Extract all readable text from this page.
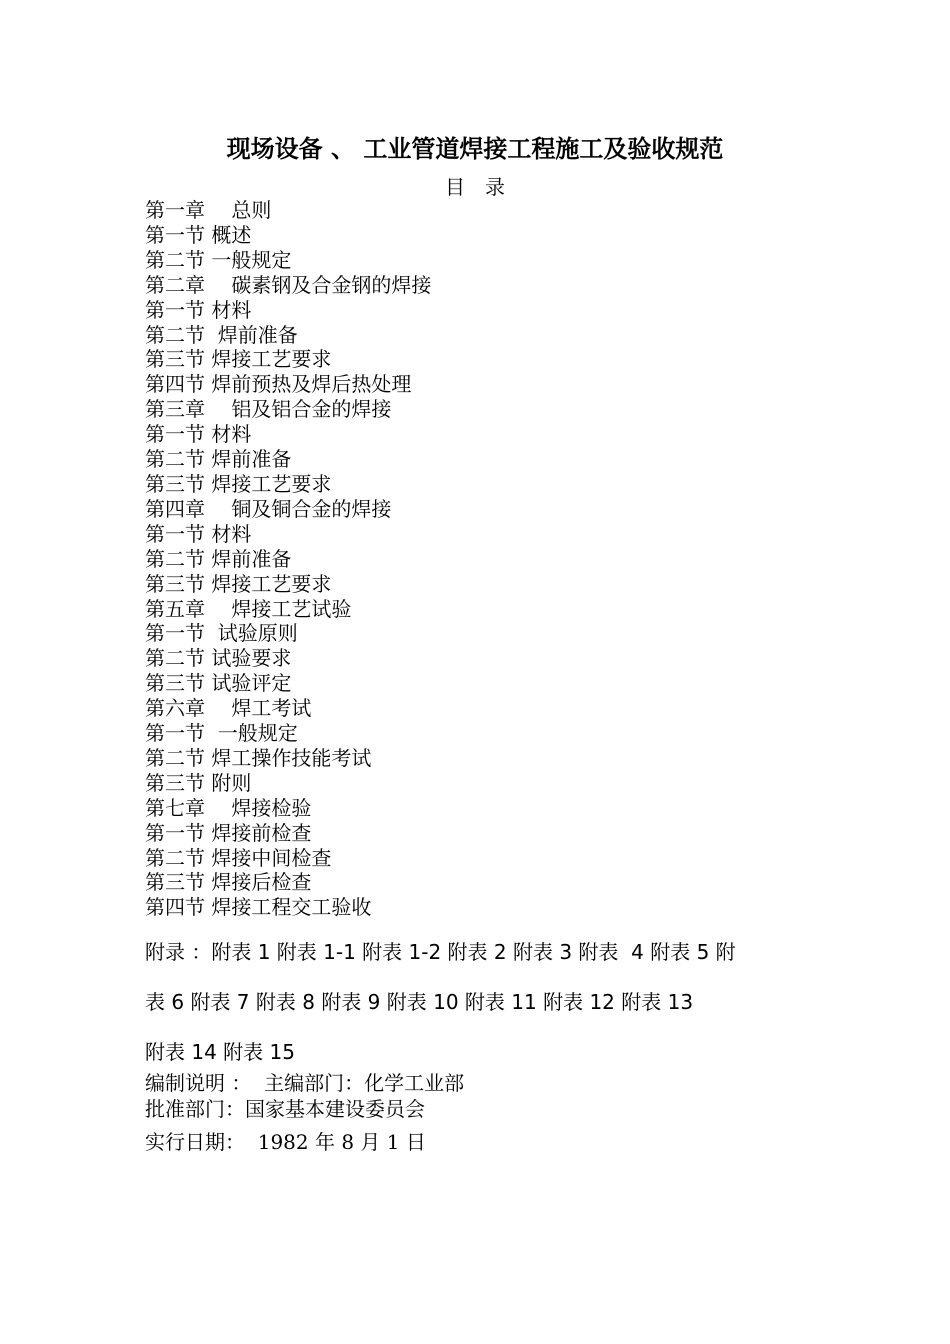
现场设备 、 工业管道焊接工程施工及验收规范
目　录
第一章　 总则
第一节 概述
第二节 一般规定
第二章　 碳素钢及合金钢的焊接
第一节 材料
第二节  焊前准备
第三节 焊接工艺要求
第四节 焊前预热及焊后热处理
第三章　 铝及铝合金的焊接
第一节 材料
第二节 焊前准备
第三节 焊接工艺要求
第四章　 铜及铜合金的焊接
第一节 材料
第二节 焊前准备
第三节 焊接工艺要求
第五章　 焊接工艺试验
第一节  试验原则
第二节 试验要求
第三节 试验评定
第六章　 焊工考试
第一节  一般规定
第二节 焊工操作技能考试
第三节 附则
第七章　 焊接检验
第一节 焊接前检查
第二节 焊接中间检查
第三节 焊接后检查
第四节 焊接工程交工验收
附录 ：附表 1 附表 1-1 附表 1-2 附表 2 附表 3 附表  4 附表 5 附
表 6 附表 7 附表 8 附表 9 附表 10 附表 11 附表 12 附表 13
附表 14 附表 15

编制说明 ：  主编部门：化学工业部

批准部门：国家基本建设委员会

实行日期：  1982 年 8 月 1 日
